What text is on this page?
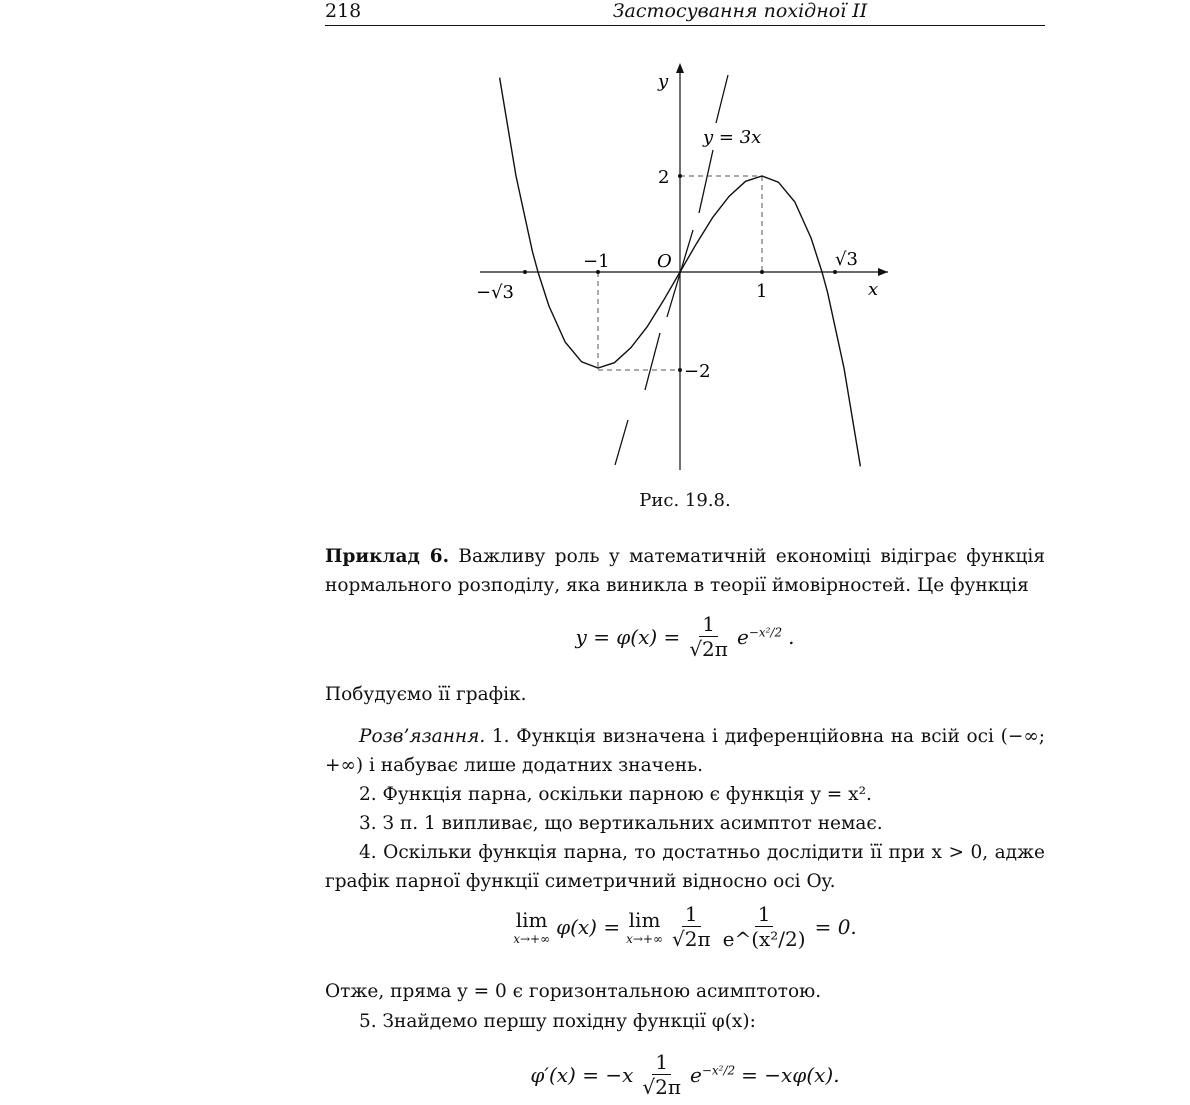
218	Застосування похідної II
y
x
O
y = 3x
2
−2
−1
1
−√3
√3
Рис. 19.8.
Приклад 6. Важливу роль у математичній економіці відіграє функція нормального розподілу, яка виникла в теорії ймовірностей. Це функція
$y = \varphi(x) = \frac{1}{√2\pi} e^{-x^2/2}$ .
Побудуємо її графік.
Розв’язання. 1. Функція визначена і диференційовна на всій осі (−∞; +∞) і набуває лише додатних значень.
2. Функція парна, оскільки парною є функція y = x².
3. З п. 1 випливає, що вертикальних асимптот немає.
4. Оскільки функція парна, то достатньо дослідити її при x > 0, адже графік парної функції симетричний відносно осі Oy.
lim
x→+∞ φ(x) = lim
$x\to+\infty \frac{1}{√2\pi} \frac{1}{\text{e\textasciicircum{}(x²/2)}} = 0$.
Отже, пряма y = 0 є горизонтальною асимптотою.
5. Знайдемо першу похідну функції φ(x):
$\varphi'(x) = -x \frac{1}{√2\pi} e^{-x^2/2} = -x\varphi(x)$.
